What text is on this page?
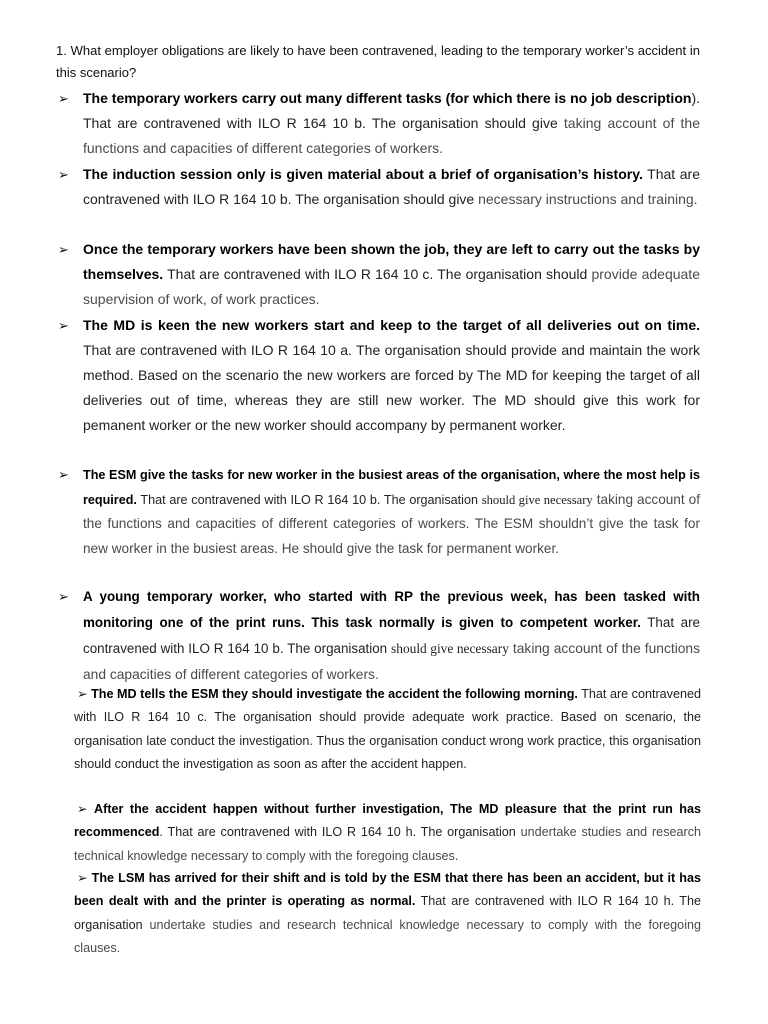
1. What employer obligations are likely to have been contravened, leading to the temporary worker’s accident in this scenario?
➢ The temporary workers carry out many different tasks (for which there is no job description). That are contravened with ILO R 164 10 b. The organisation should give taking account of the functions and capacities of different categories of workers.
➢ The induction session only is given material about a brief of organisation’s history. That are contravened with ILO R 164 10 b. The organisation should give necessary instructions and training.
➢ Once the temporary workers have been shown the job, they are left to carry out the tasks by themselves. That are contravened with ILO R 164 10 c. The organisation should provide adequate supervision of work, of work practices.
➢ The MD is keen the new workers start and keep to the target of all deliveries out on time. That are contravened with ILO R 164 10 a. The organisation should provide and maintain the work method. Based on the scenario the new workers are forced by The MD for keeping the target of all deliveries out of time, whereas they are still new worker. The MD should give this work for pemanent worker or the new worker should accompany by permanent worker.
➢ The ESM give the tasks for new worker in the busiest areas of the organisation, where the most help is required. That are contravened with ILO R 164 10 b. The organisation should give necessary taking account of the functions and capacities of different categories of workers. The ESM shouldn’t give the task for new worker in the busiest areas. He should give the task for permanent worker.
➢ A young temporary worker, who started with RP the previous week, has been tasked with monitoring one of the print runs. This task normally is given to competent worker. That are contravened with ILO R 164 10 b. The organisation should give necessary taking account of the functions and capacities of different categories of workers.
➢ The MD tells the ESM they should investigate the accident the following morning. That are contravened with ILO R 164 10 c. The organisation should provide adequate work practice. Based on scenario, the organisation late conduct the investigation. Thus the organisation conduct wrong work practice, this organisation should conduct the investigation as soon as after the accident happen.
➢ After the accident happen without further investigation, The MD pleasure that the print run has recommenced. That are contravened with ILO R 164 10 h. The organisation undertake studies and research technical knowledge necessary to comply with the foregoing clauses.
➢ The LSM has arrived for their shift and is told by the ESM that there has been an accident, but it has been dealt with and the printer is operating as normal. That are contravened with ILO R 164 10 h. The organisation undertake studies and research technical knowledge necessary to comply with the foregoing clauses.
